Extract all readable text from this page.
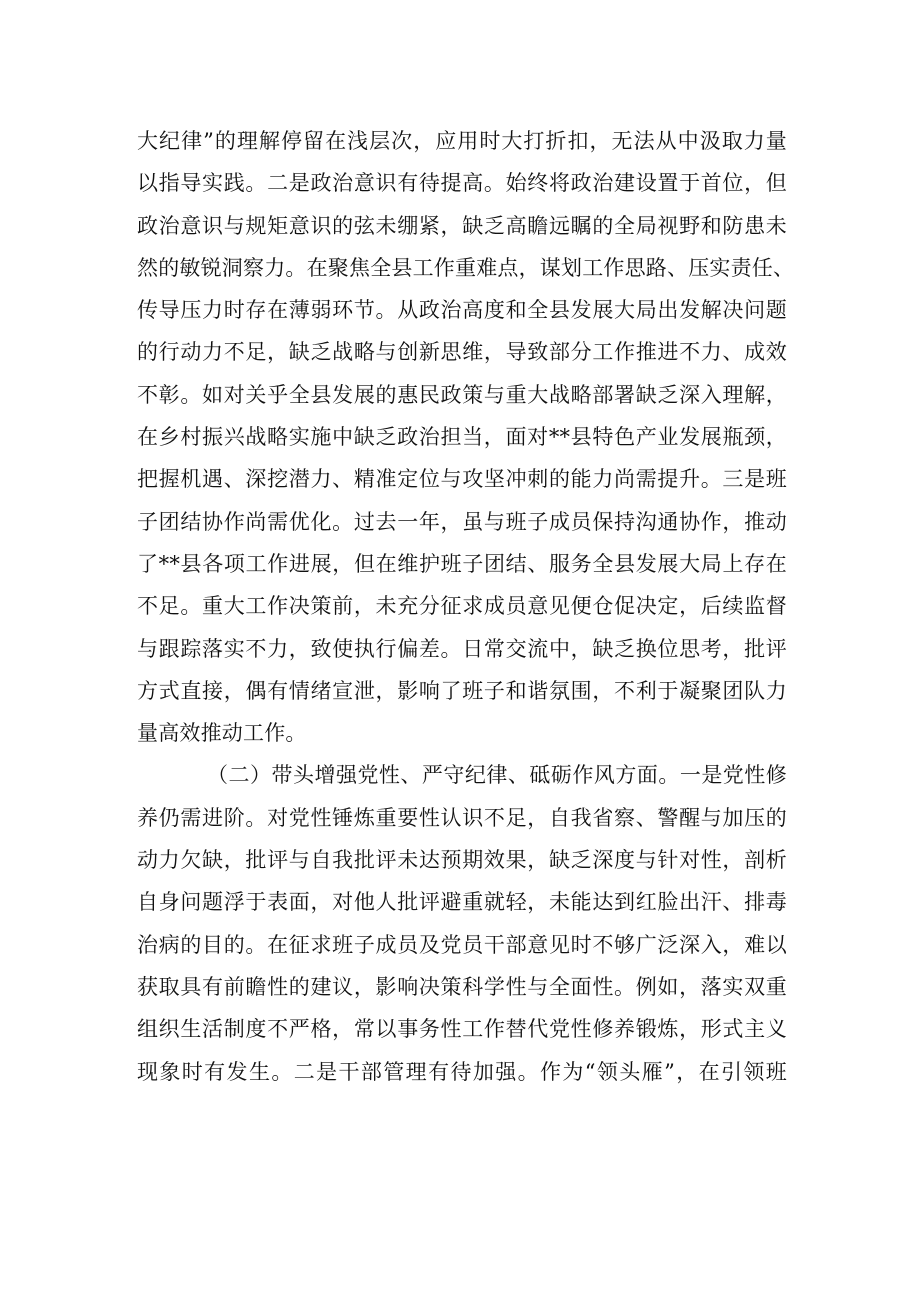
大纪律”的理解停留在浅层次，应用时大打折扣，无法从中汲取力量
以指导实践。二是政治意识有待提高。始终将政治建设置于首位，但
政治意识与规矩意识的弦未绷紧，缺乏高瞻远瞩的全局视野和防患未
然的敏锐洞察力。在聚焦全县工作重难点，谋划工作思路、压实责任、
传导压力时存在薄弱环节。从政治高度和全县发展大局出发解决问题
的行动力不足，缺乏战略与创新思维，导致部分工作推进不力、成效
不彰。如对关乎全县发展的惠民政策与重大战略部署缺乏深入理解，
在乡村振兴战略实施中缺乏政治担当，面对**县特色产业发展瓶颈，
把握机遇、深挖潜力、精准定位与攻坚冲刺的能力尚需提升。三是班
子团结协作尚需优化。过去一年，虽与班子成员保持沟通协作，推动
了**县各项工作进展，但在维护班子团结、服务全县发展大局上存在
不足。重大工作决策前，未充分征求成员意见便仓促决定，后续监督
与跟踪落实不力，致使执行偏差。日常交流中，缺乏换位思考，批评
方式直接，偶有情绪宣泄，影响了班子和谐氛围，不利于凝聚团队力
量高效推动工作。
（二）带头增强党性、严守纪律、砥砺作风方面。一是党性修
养仍需进阶。对党性锤炼重要性认识不足，自我省察、警醒与加压的
动力欠缺，批评与自我批评未达预期效果，缺乏深度与针对性，剖析
自身问题浮于表面，对他人批评避重就轻，未能达到红脸出汗、排毒
治病的目的。在征求班子成员及党员干部意见时不够广泛深入，难以
获取具有前瞻性的建议，影响决策科学性与全面性。例如，落实双重
组织生活制度不严格，常以事务性工作替代党性修养锻炼，形式主义
现象时有发生。二是干部管理有待加强。作为“领头雁”，在引领班
